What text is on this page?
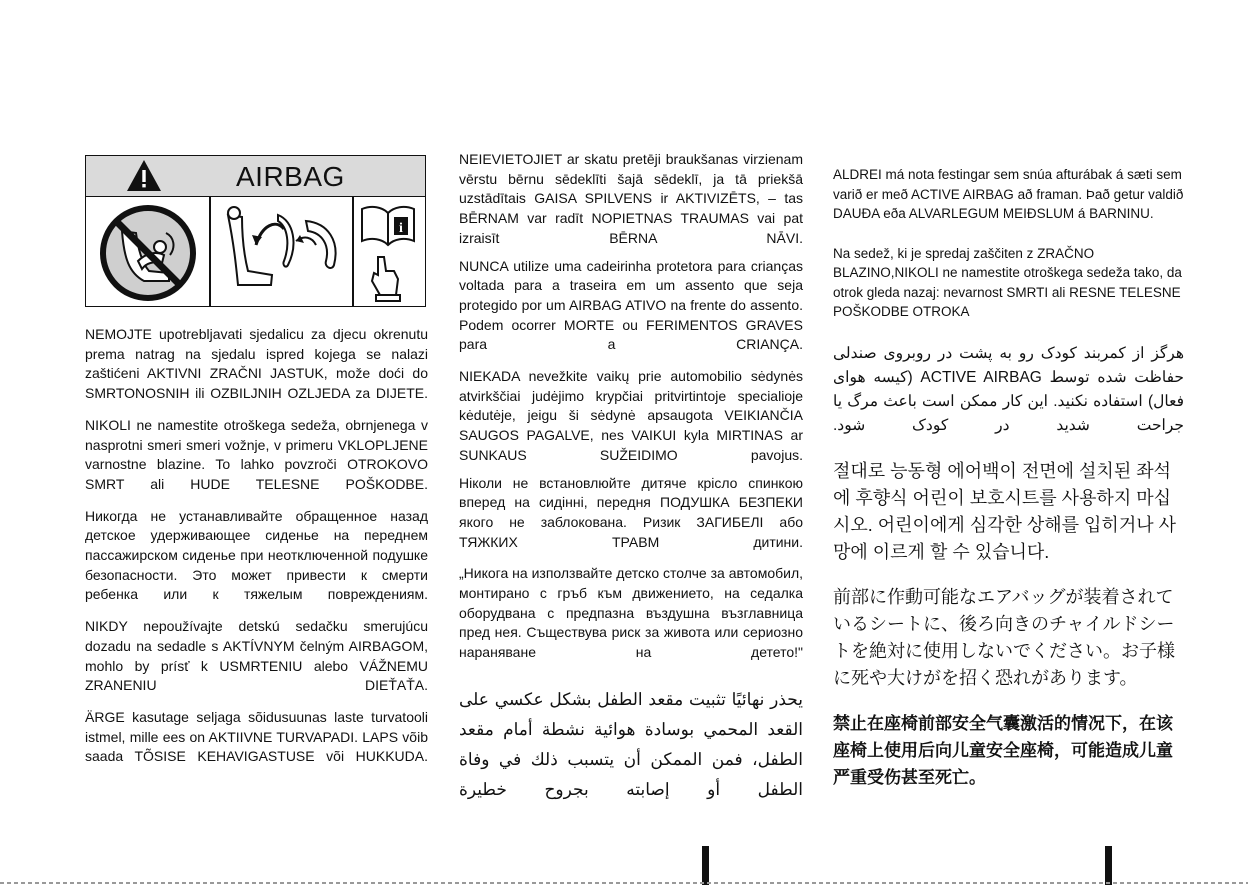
AIRBAG
i

NEMOJTE upotrebljavati sjedalicu za djecu okrenutu prema natrag na sjedalu ispred kojega se nalazi zaštićeni AKTIVNI ZRAČNI JASTUK, može doći do SMRTONOSNIH ili OZBILJNIH OZLJEDA za DIJETE.

NIKOLI ne namestite otroškega sedeža, obrnjenega v nasprotni smeri smeri vožnje, v primeru VKLOPLJENE varnostne blazine. To lahko povzroči OTROKOVO SMRT ali HUDE TELESNE POŠKODBE.

Никогда не устанавливайте обращенное назад детское удерживающее сиденье на переднем пассажирском сиденье при неотключенной подушке безопасности. Это может привести к смерти ребенка или к тяжелым повреждениям.

NIKDY nepoužívajte detskú sedačku smerujúcu dozadu na sedadle s AKTÍVNYM čelným AIRBAGOM, mohlo by prísť k USMRTENIU alebo VÁŽNEMU ZRANENIU DIEŤAŤA.

ÄRGE kasutage seljaga sõidusuunas laste turvatooli istmel, mille ees on AKTIIVNE TURVAPADI. LAPS võib saada TÕSISE KEHAVIGASTUSE või HUKKUDA.

NEIEVIETOJIET ar skatu pretēji braukšanas virzienam vērstu bērnu sēdeklīti šajā sēdeklī, ja tā priekšā uzstādītais GAISA SPILVENS ir AKTIVIZĒTS, – tas BĒRNAM var radīt NOPIETNAS TRAUMAS vai pat izraisīt BĒRNA NĀVI.

NUNCA utilize uma cadeirinha protetora para crianças voltada para a traseira em um assento que seja protegido por um AIRBAG ATIVO na frente do assento. Podem ocorrer MORTE ou FERIMENTOS GRAVES para a CRIANÇA.

NIEKADA nevežkite vaikų prie automobilio sėdynės atvirkščiai judėjimo krypčiai pritvirtintoje specialioje kėdutėje, jeigu ši sėdynė apsaugota VEIKIANČIA SAUGOS PAGALVE, nes VAIKUI kyla MIRTINAS ar SUNKAUS SUŽEIDIMO pavojus.

Ніколи не встановлюйте дитяче крісло спинкою вперед на сидінні, передня ПОДУШКА БЕЗПЕКИ якого не заблокована. Ризик ЗАГИБЕЛІ або ТЯЖКИХ ТРАВМ дитини.

„Никога на използвайте детско столче за автомобил, монтирано с гръб към движението, на седалка оборудвана с предпазна въздушна възглавница пред нея. Съществува риск за живота или сериозно нараняване на детето!"

يحذر نهائيًا تثبيت مقعد الطفل بشكل عكسي على القعد المحمي بوسادة هوائية نشطة أمام مقعد الطفل، فمن الممكن أن يتسبب ذلك في وفاة الطفل أو إصابته بجروح خطيرة

ALDREI má nota festingar sem snúa afturábak á sæti sem varið er með ACTIVE AIRBAG að framan. Það getur valdið DAUÐA eða ALVARLEGUM MEIÐSLUM á BARNINU.

Na sedež, ki je spredaj zaščiten z ZRAČNO BLAZINO,NIKOLI ne namestite otroškega sedeža tako, da otrok gleda nazaj: nevarnost SMRTI ali RESNE TELESNE POŠKODBE OTROKA

هرگز از کمربند کودک رو به پشت در روبروی صندلی حفاظت شده توسط ACTIVE AIRBAG (کیسه هوای فعال) استفاده نکنید. این کار ممکن است باعث مرگ یا جراحت شدید در کودک شود.

절대로 능동형 에어백이 전면에 설치된 좌석에 후향식 어린이 보호시트를 사용하지 마십시오. 어린이에게 심각한 상해를 입히거나 사망에 이르게 할 수 있습니다.

前部に作動可能なエアバッグが装着されているシートに、後ろ向きのチャイルドシートを絶対に使用しないでください。お子様に死や大けがを招く恐れがあります。

禁止在座椅前部安全气囊激活的情况下，在该座椅上使用后向儿童安全座椅，可能造成儿童严重受伤甚至死亡。
